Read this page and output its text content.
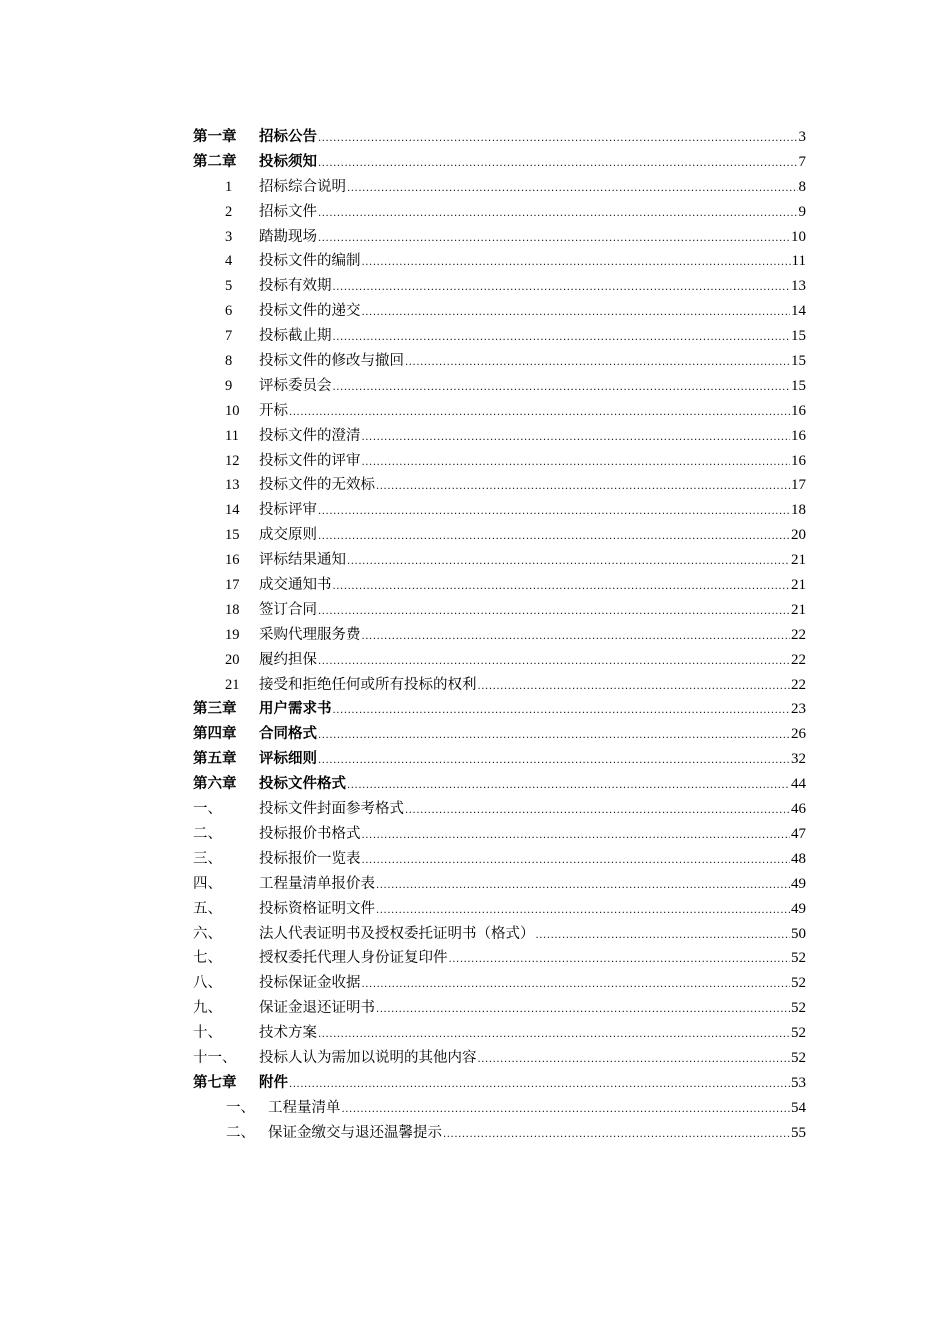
第一章	招标公告 .....	3
第二章	投标须知 .....	7
1	招标综合说明 .....	8
2	招标文件 .....	9
3	踏勘现场 .....	10
4	投标文件的编制 .....	11
5	投标有效期 .....	13
6	投标文件的递交 .....	14
7	投标截止期 .....	15
8	投标文件的修改与撤回 .....	15
9	评标委员会 .....	15
10	开标 .....	16
11	投标文件的澄清 .....	16
12	投标文件的评审 .....	16
13	投标文件的无效标 .....	17
14	投标评审 .....	18
15	成交原则 .....	20
16	评标结果通知 .....	21
17	成交通知书 .....	21
18	签订合同 .....	21
19	采购代理服务费 .....	22
20	履约担保 .....	22
21	接受和拒绝任何或所有投标的权利 .....	22
第三章	用户需求书 .....	23
第四章	合同格式 .....	26
第五章	评标细则 .....	32
第六章	投标文件格式 .....	44
一、	投标文件封面参考格式 .....	46
二、	投标报价书格式 .....	47
三、	投标报价一览表 .....	48
四、	工程量清单报价表 .....	49
五、	投标资格证明文件 .....	49
六、	法人代表证明书及授权委托证明书（格式） .....	50
七、	授权委托代理人身份证复印件 .....	52
八、	投标保证金收据 .....	52
九、	保证金退还证明书 .....	52
十、	技术方案 .....	52
十一、	投标人认为需加以说明的其他内容 .....	52
第七章	附件 .....	53
一、 工程量清单 .....	54
二、 保证金缴交与退还温馨提示 .....	55
